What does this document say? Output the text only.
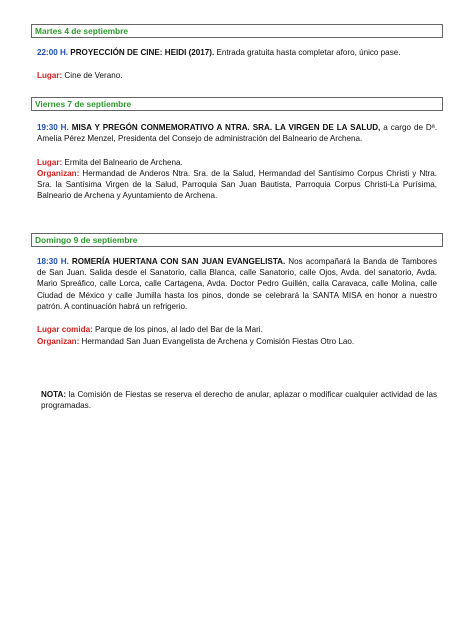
Martes 4 de septiembre
22:00 H. PROYECCIÓN DE CINE: HEIDI (2017). Entrada gratuita hasta completar aforo, único pase.
Lugar: Cine de Verano.
Viernes 7 de septiembre
19:30 H. MISA Y PREGÓN CONMEMORATIVO A NTRA. SRA. LA VIRGEN DE LA SALUD, a cargo de Dª. Amelia Pérez Menzel, Presidenta del Consejo de administración del Balneario de Archena.
Lugar: Ermita del Balneario de Archena.
Organizan: Hermandad de Anderos Ntra. Sra. de la Salud, Hermandad del Santísimo Corpus Christi y Ntra. Sra. la Santísima Virgen de la Salud, Parroquia San Juan Bautista, Parroquia Corpus Christi-La Purísima, Balneario de Archena y Ayuntamiento de Archena.
Domingo 9 de septiembre
18:30 H. ROMERÍA HUERTANA CON SAN JUAN EVANGELISTA. Nos acompañará la Banda de Tambores de San Juan. Salida desde el Sanatorio, calla Blanca, calle Sanatorio, calle Ojos, Avda. del sanatorio, Avda. Mario Spreáfico, calle Lorca, calle Cartagena, Avda. Doctor Pedro Guillén, calla Caravaca, calle Molina, calle Ciudad de México y calle Jumilla hasta los pinos, donde se celebrará la SANTA MISA en honor a nuestro patrón. A continuación habrá un refrigerio.
Lugar comida: Parque de los pinos, al lado del Bar de la Mari.
Organizan: Hermandad San Juan Evangelista de Archena y Comisión Fiestas Otro Lao.
NOTA: la Comisión de Fiestas se reserva el derecho de anular, aplazar o modificar cualquier actividad de las programadas.
